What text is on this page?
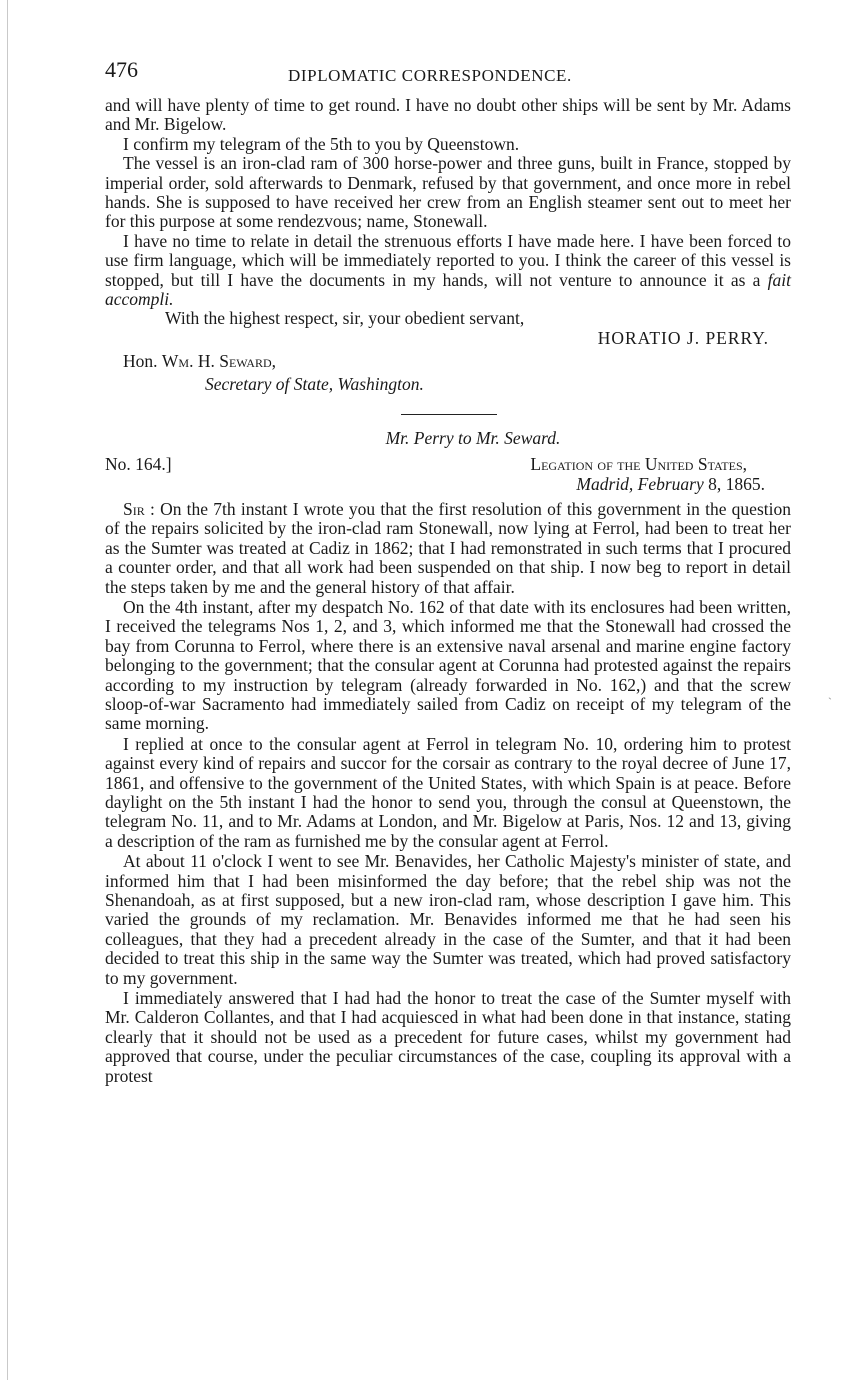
ˏ
476	DIPLOMATIC CORRESPONDENCE.

and will have plenty of time to get round. I have no doubt other ships will be sent by Mr. Adams and Mr. Bigelow.

I confirm my telegram of the 5th to you by Queenstown.

The vessel is an iron-clad ram of 300 horse-power and three guns, built in France, stopped by imperial order, sold afterwards to Denmark, refused by that government, and once more in rebel hands. She is supposed to have received her crew from an English steamer sent out to meet her for this purpose at some rendezvous; name, Stonewall.

I have no time to relate in detail the strenuous efforts I have made here. I have been forced to use firm language, which will be immediately reported to you. I think the career of this vessel is stopped, but till I have the documents in my hands, will not venture to announce it as a fait accompli.

With the highest respect, sir, your obedient servant,

HORATIO J. PERRY.

Hon. Wm. H. Seward,

Secretary of State, Washington.

Mr. Perry to Mr. Seward.

No. 164.]	Legation of the United States,

Madrid, February 8, 1865.

Sir : On the 7th instant I wrote you that the first resolution of this government in the question of the repairs solicited by the iron-clad ram Stonewall, now lying at Ferrol, had been to treat her as the Sumter was treated at Cadiz in 1862; that I had remonstrated in such terms that I procured a counter order, and that all work had been suspended on that ship. I now beg to report in detail the steps taken by me and the general history of that affair.

On the 4th instant, after my despatch No. 162 of that date with its enclosures had been written, I received the telegrams Nos 1, 2, and 3, which informed me that the Stonewall had crossed the bay from Corunna to Ferrol, where there is an extensive naval arsenal and marine engine factory belonging to the government; that the consular agent at Corunna had protested against the repairs according to my instruction by telegram (already forwarded in No. 162,) and that the screw sloop-of-war Sacramento had immediately sailed from Cadiz on receipt of my telegram of the same morning.

I replied at once to the consular agent at Ferrol in telegram No. 10, ordering him to protest against every kind of repairs and succor for the corsair as contrary to the royal decree of June 17, 1861, and offensive to the government of the United States, with which Spain is at peace. Before daylight on the 5th instant I had the honor to send you, through the consul at Queenstown, the telegram No. 11, and to Mr. Adams at London, and Mr. Bigelow at Paris, Nos. 12 and 13, giving a description of the ram as furnished me by the consular agent at Ferrol.

At about 11 o'clock I went to see Mr. Benavides, her Catholic Majesty's minister of state, and informed him that I had been misinformed the day before; that the rebel ship was not the Shenandoah, as at first supposed, but a new iron-clad ram, whose description I gave him. This varied the grounds of my reclamation. Mr. Benavides informed me that he had seen his colleagues, that they had a precedent already in the case of the Sumter, and that it had been decided to treat this ship in the same way the Sumter was treated, which had proved satisfactory to my government.

I immediately answered that I had had the honor to treat the case of the Sumter myself with Mr. Calderon Collantes, and that I had acquiesced in what had been done in that instance, stating clearly that it should not be used as a precedent for future cases, whilst my government had approved that course, under the peculiar circumstances of the case, coupling its approval with a protest
